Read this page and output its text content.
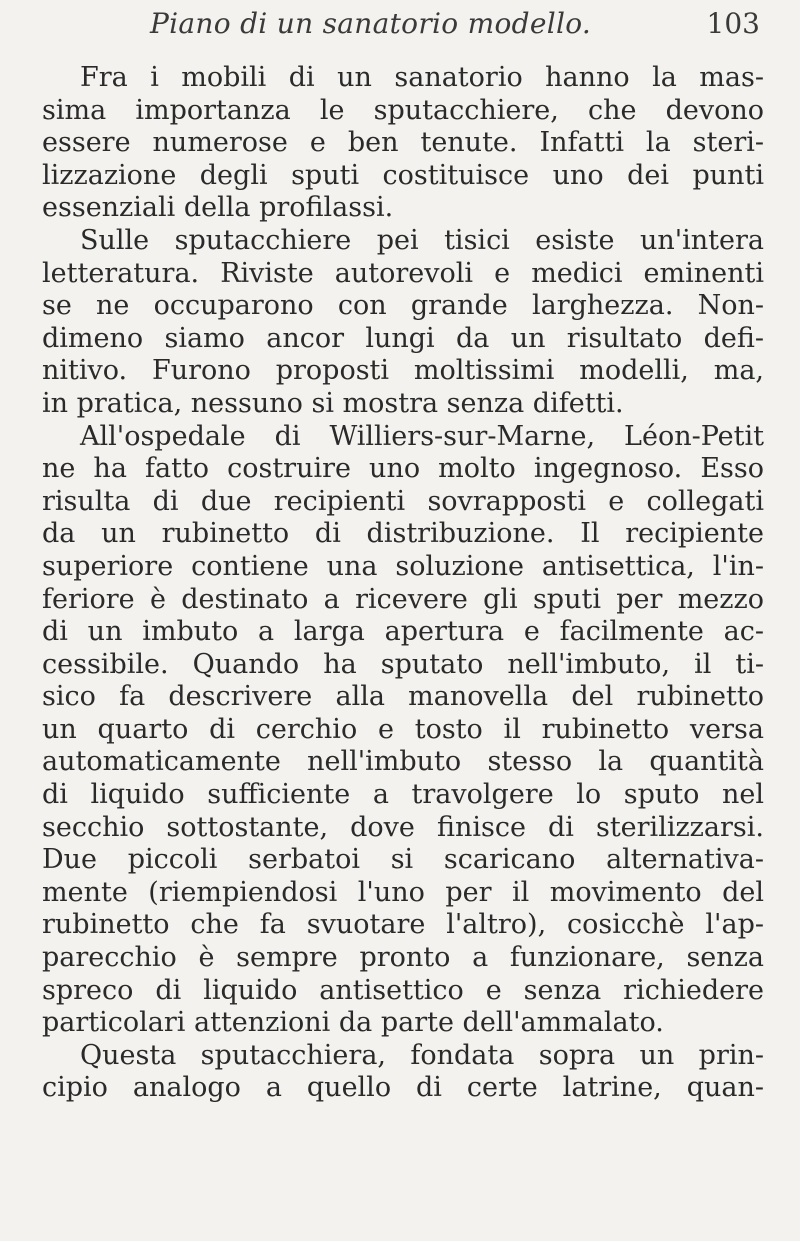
Piano di un sanatorio modello.	103
Fra i mobili di un sanatorio hanno la mas-
sima importanza le sputacchiere, che devono
essere numerose e ben tenute. Infatti la steri-
lizzazione degli sputi costituisce uno dei punti
essenziali della profilassi.
Sulle sputacchiere pei tisici esiste un'intera
letteratura. Riviste autorevoli e medici eminenti
se ne occuparono con grande larghezza. Non-
dimeno siamo ancor lungi da un risultato defi-
nitivo. Furono proposti moltissimi modelli, ma,
in pratica, nessuno si mostra senza difetti.
All'ospedale di Williers-sur-Marne, Léon-Petit
ne ha fatto costruire uno molto ingegnoso. Esso
risulta di due recipienti sovrapposti e collegati
da un rubinetto di distribuzione. Il recipiente
superiore contiene una soluzione antisettica, l'in-
feriore è destinato a ricevere gli sputi per mezzo
di un imbuto a larga apertura e facilmente ac-
cessibile. Quando ha sputato nell'imbuto, il ti-
sico fa descrivere alla manovella del rubinetto
un quarto di cerchio e tosto il rubinetto versa
automaticamente nell'imbuto stesso la quantità
di liquido sufficiente a travolgere lo sputo nel
secchio sottostante, dove finisce di sterilizzarsi.
Due piccoli serbatoi si scaricano alternativa-
mente (riempiendosi l'uno per il movimento del
rubinetto che fa svuotare l'altro), cosicchè l'ap-
parecchio è sempre pronto a funzionare, senza
spreco di liquido antisettico e senza richiedere
particolari attenzioni da parte dell'ammalato.
Questa sputacchiera, fondata sopra un prin-
cipio analogo a quello di certe latrine, quan-
